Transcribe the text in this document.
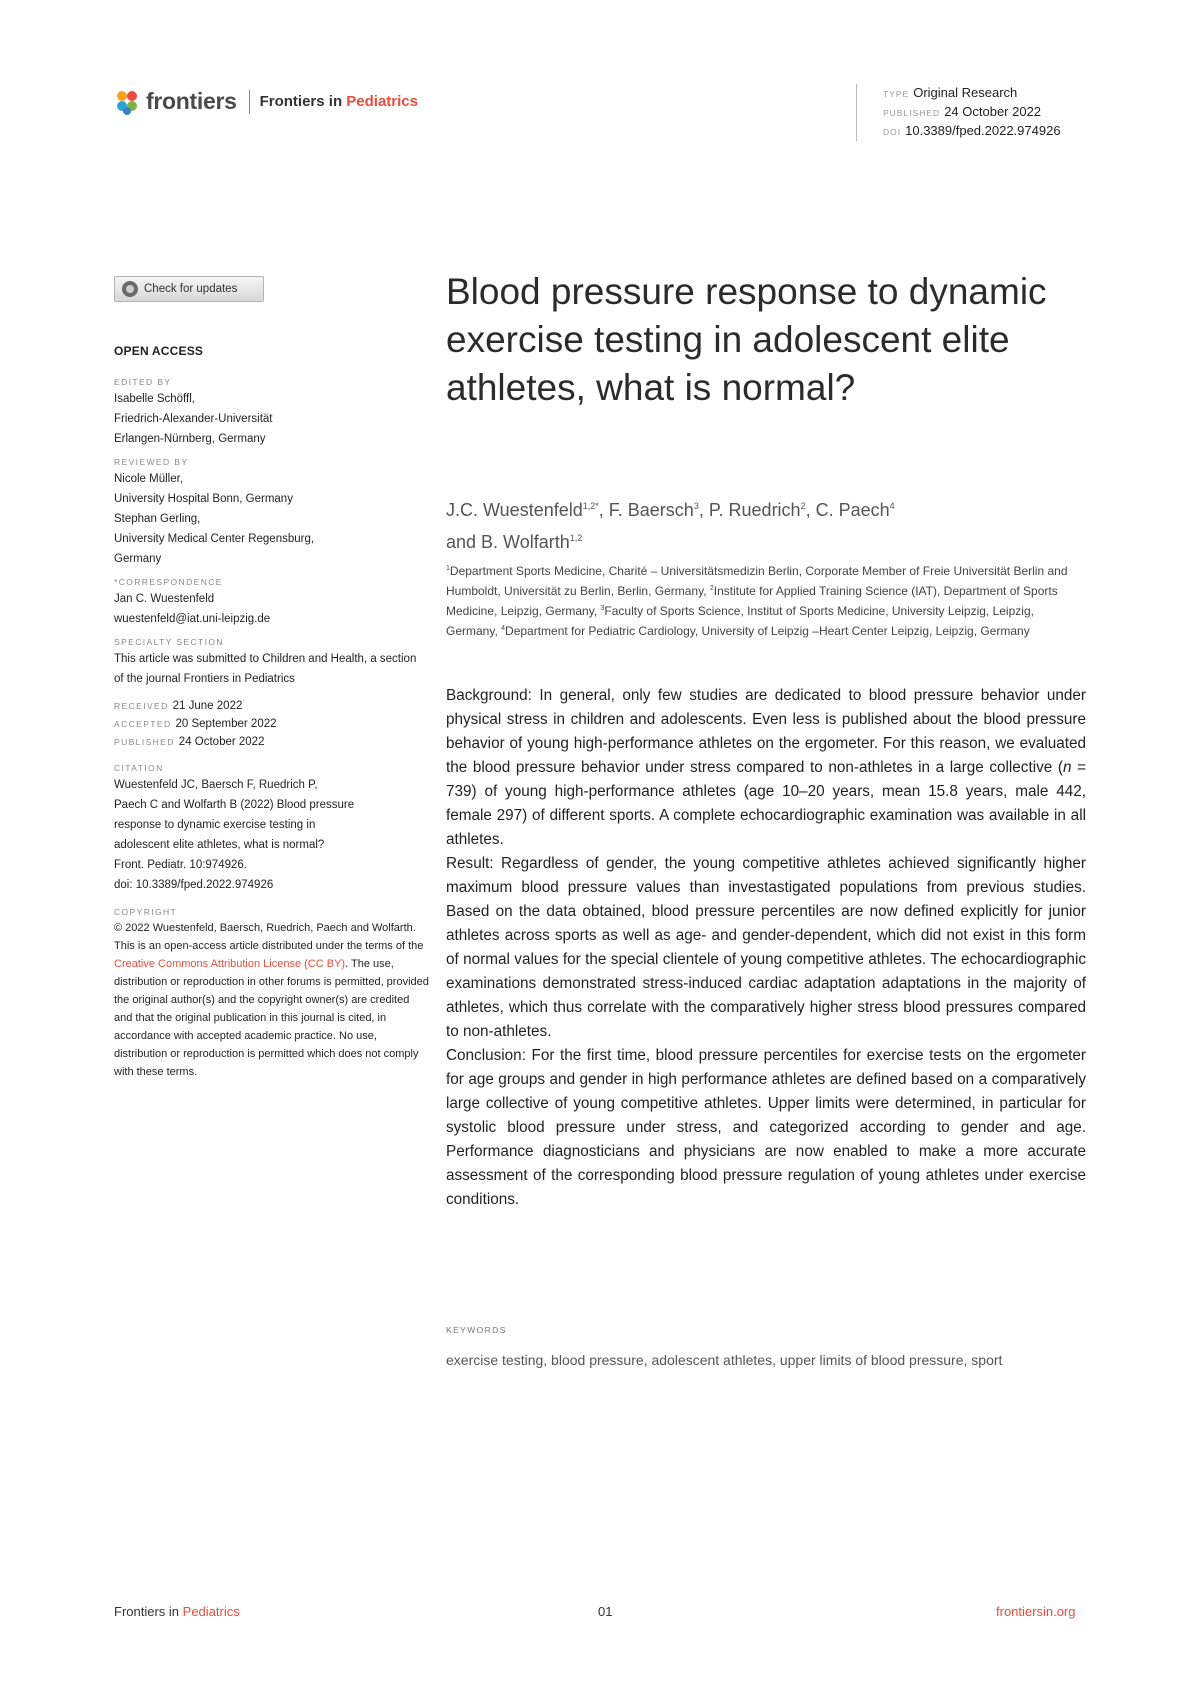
frontiers Frontiers in Pediatrics	TYPE Original Research
PUBLISHED 24 October 2022
DOI 10.3389/fped.2022.974926
Check for updates
OPEN ACCESS
EDITED BY
Isabelle Schöffl,
Friedrich-Alexander-Universität
Erlangen-Nürnberg, Germany
REVIEWED BY
Nicole Müller,
University Hospital Bonn, Germany
Stephan Gerling,
University Medical Center Regensburg,
Germany
*CORRESPONDENCE
Jan C. Wuestenfeld
wuestenfeld@iat.uni-leipzig.de
SPECIALTY SECTION
This article was submitted to Children and Health, a section of the journal Frontiers in Pediatrics
RECEIVED 21 June 2022
ACCEPTED 20 September 2022
PUBLISHED 24 October 2022
CITATION
Wuestenfeld JC, Baersch F, Ruedrich P,
Paech C and Wolfarth B (2022) Blood pressure
response to dynamic exercise testing in
adolescent elite athletes, what is normal?
Front. Pediatr. 10:974926.
doi: 10.3389/fped.2022.974926
COPYRIGHT
© 2022 Wuestenfeld, Baersch, Ruedrich, Paech and Wolfarth. This is an open-access article distributed under the terms of the Creative Commons Attribution License (CC BY). The use, distribution or reproduction in other forums is permitted, provided the original author(s) and the copyright owner(s) are credited and that the original publication in this journal is cited, in accordance with accepted academic practice. No use, distribution or reproduction is permitted which does not comply with these terms.
Blood pressure response to dynamic exercise testing in adolescent elite athletes, what is normal?
J.C. Wuestenfeld$^{1,2*}$, F. Baersch$^3$, P. Ruedrich$^2$, C. Paech$^4$
and B. Wolfarth$^{1,2}$
$^1$Department Sports Medicine, Charité – Universitätsmedizin Berlin, Corporate Member of Freie Universität Berlin and Humboldt, Universität zu Berlin, Berlin, Germany, $^2$Institute for Applied Training Science (IAT), Department of Sports Medicine, Leipzig, Germany, $^3$Faculty of Sports Science, Institut of Sports Medicine, University Leipzig, Leipzig, Germany, $^4$Department for Pediatric Cardiology, University of Leipzig –Heart Center Leipzig, Leipzig, Germany

Background: In general, only few studies are dedicated to blood pressure behavior under physical stress in children and adolescents. Even less is published about the blood pressure behavior of young high-performance athletes on the ergometer. For this reason, we evaluated the blood pressure behavior under stress compared to non-athletes in a large collective (n = 739) of young high-performance athletes (age 10–20 years, mean 15.8 years, male 442, female 297) of different sports. A complete echocardiographic examination was available in all athletes.

Result: Regardless of gender, the young competitive athletes achieved significantly higher maximum blood pressure values than investastigated populations from previous studies. Based on the data obtained, blood pressure percentiles are now defined explicitly for junior athletes across sports as well as age- and gender-dependent, which did not exist in this form of normal values for the special clientele of young competitive athletes. The echocardiographic examinations demonstrated stress-induced cardiac adaptation adaptations in the majority of athletes, which thus correlate with the comparatively higher stress blood pressures compared to non-athletes.

Conclusion: For the first time, blood pressure percentiles for exercise tests on the ergometer for age groups and gender in high performance athletes are defined based on a comparatively large collective of young competitive athletes. Upper limits were determined, in particular for systolic blood pressure under stress, and categorized according to gender and age. Performance diagnosticians and physicians are now enabled to make a more accurate assessment of the corresponding blood pressure regulation of young athletes under exercise conditions.

KEYWORDS
exercise testing, blood pressure, adolescent athletes, upper limits of blood pressure, sport
Frontiers in Pediatrics	01	frontiersin.org
